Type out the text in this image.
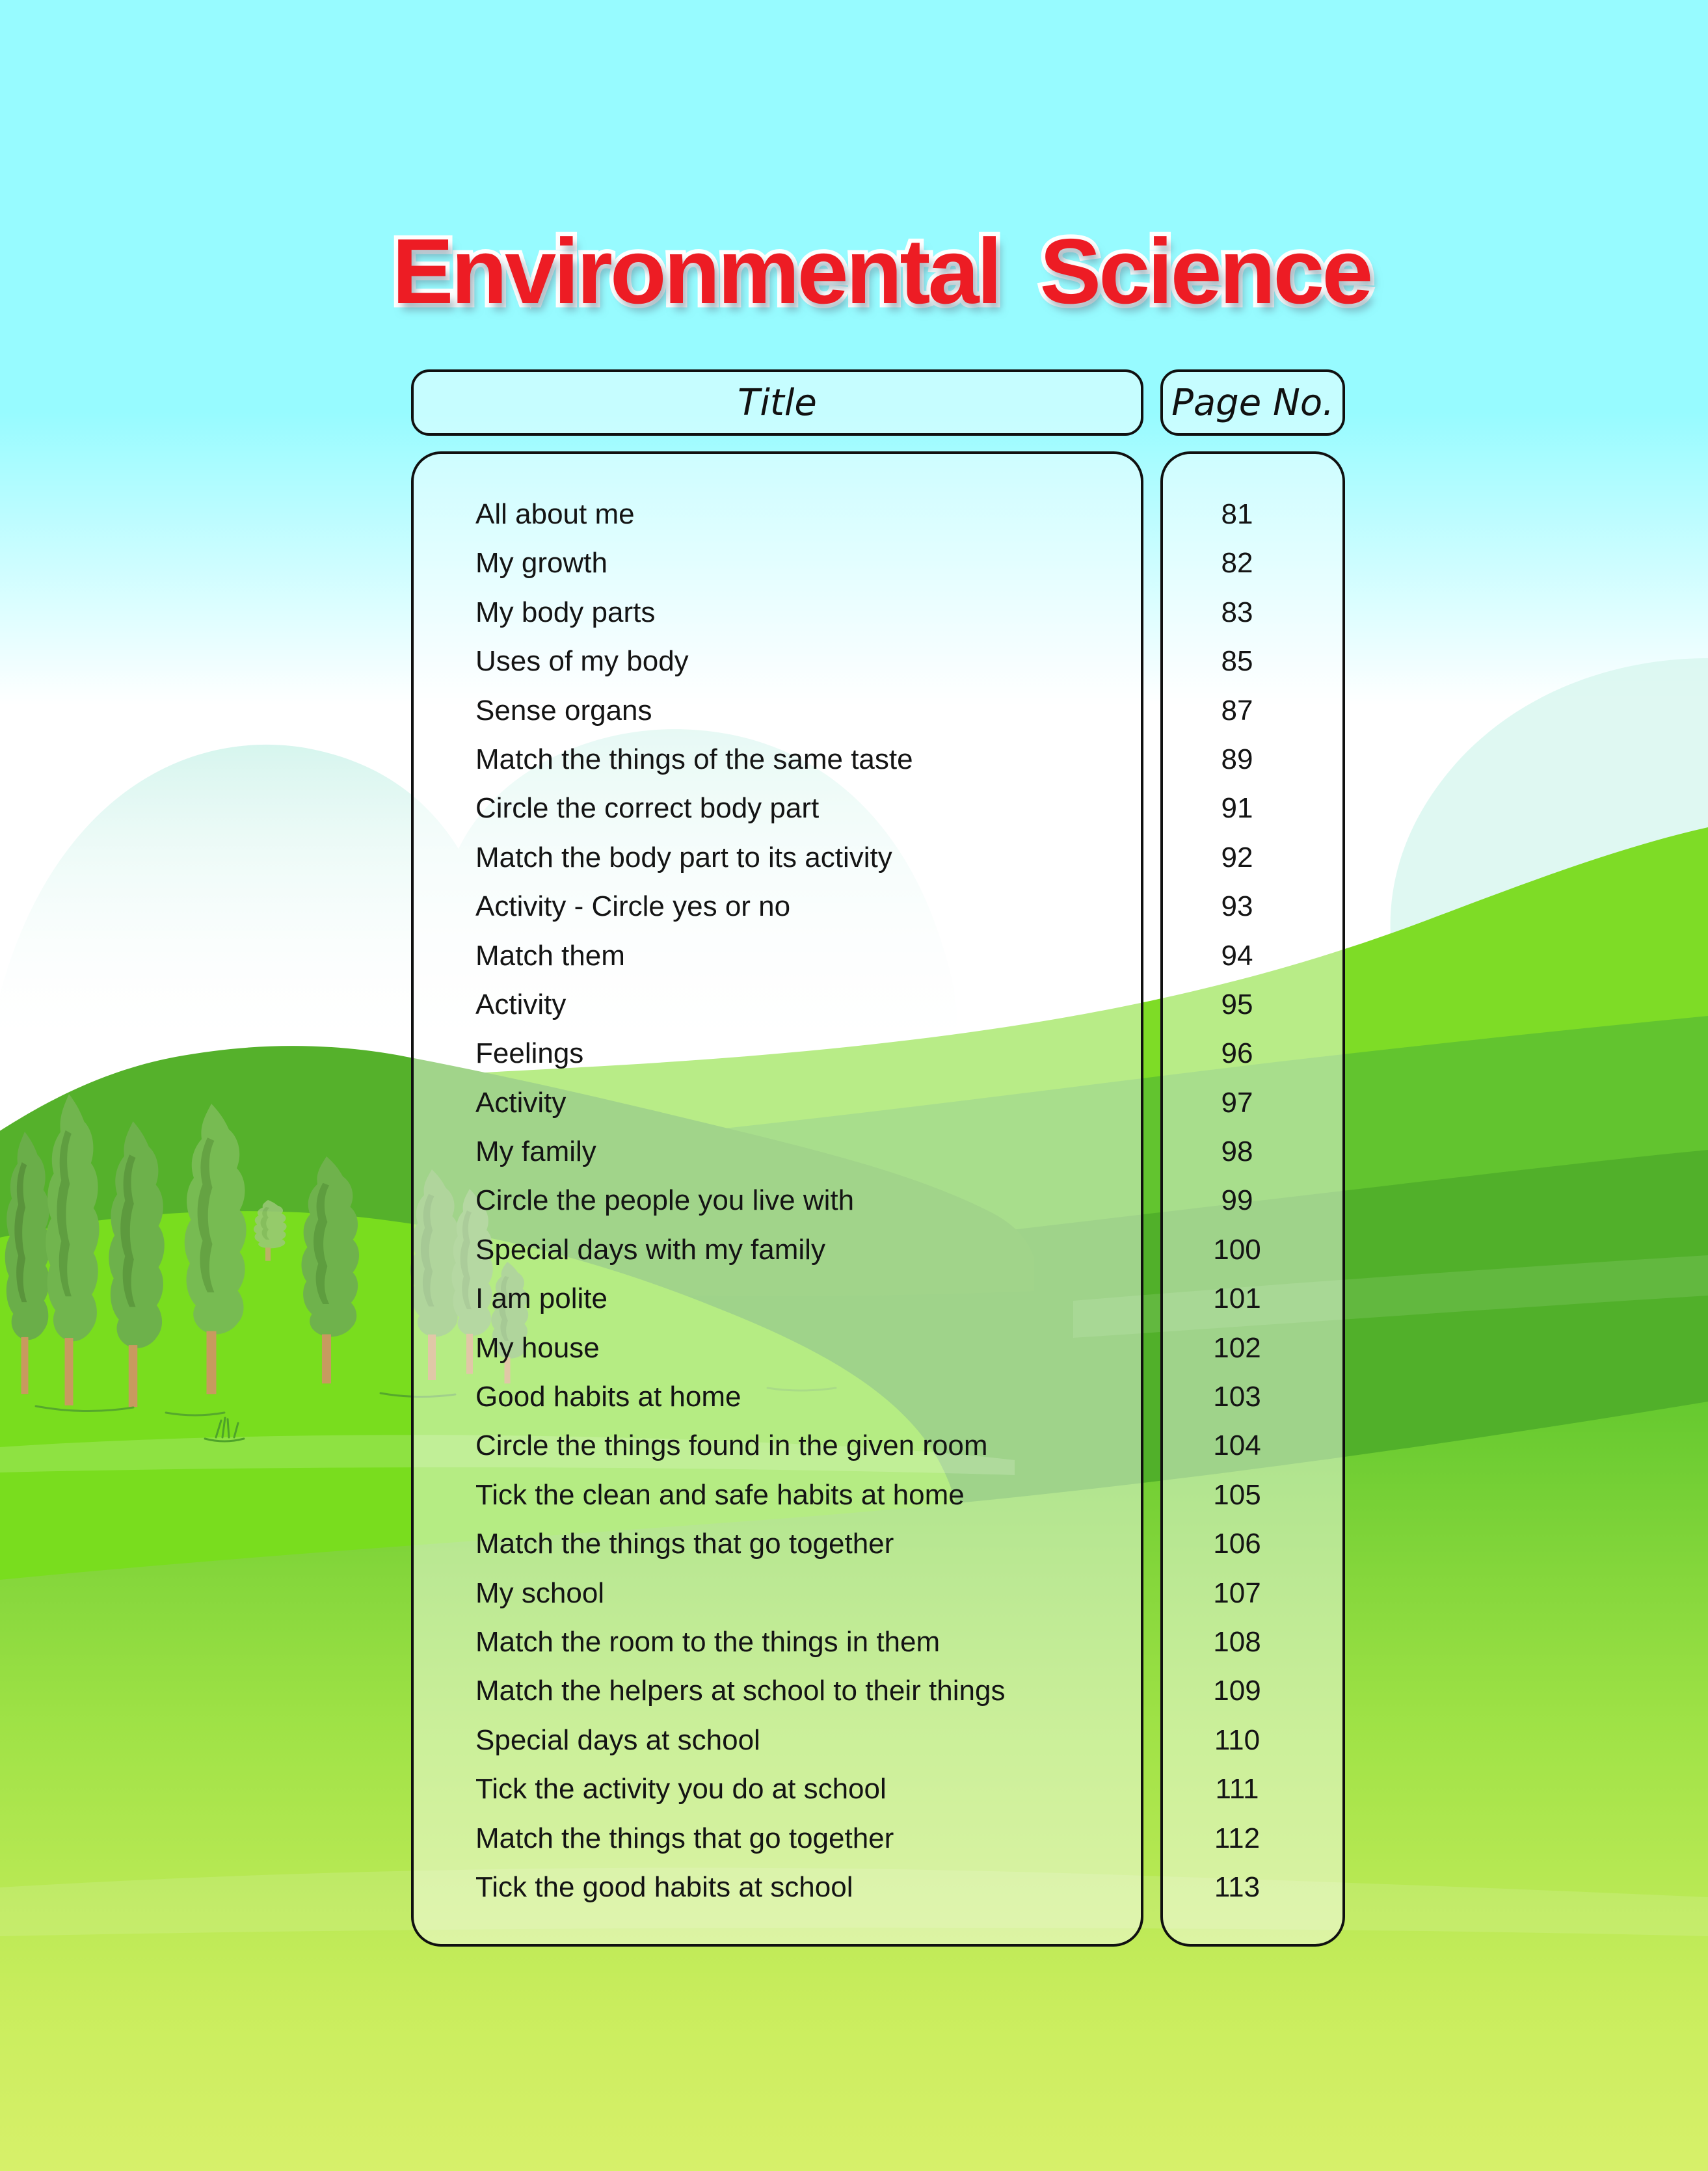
Environmental Science
Title	Page No.
All about me
My growth
My body parts
Uses of my body
Sense organs
Match the things of the same taste
Circle the correct body part
Match the body part to its activity
Activity - Circle yes or no
Match them
Activity
Feelings
Activity
My family
Circle the people you live with
Special days with my family
I am polite
My house
Good habits at home
Circle the things found in the given room
Tick the clean and safe habits at home
Match the things that go together
My school
Match the room to the things in them
Match the helpers at school to their things
Special days at school
Tick the activity you do at school
Match the things that go together
Tick the good habits at school
81
82
83
85
87
89
91
92
93
94
95
96
97
98
99
100
101
102
103
104
105
106
107
108
109
110
111
112
113
